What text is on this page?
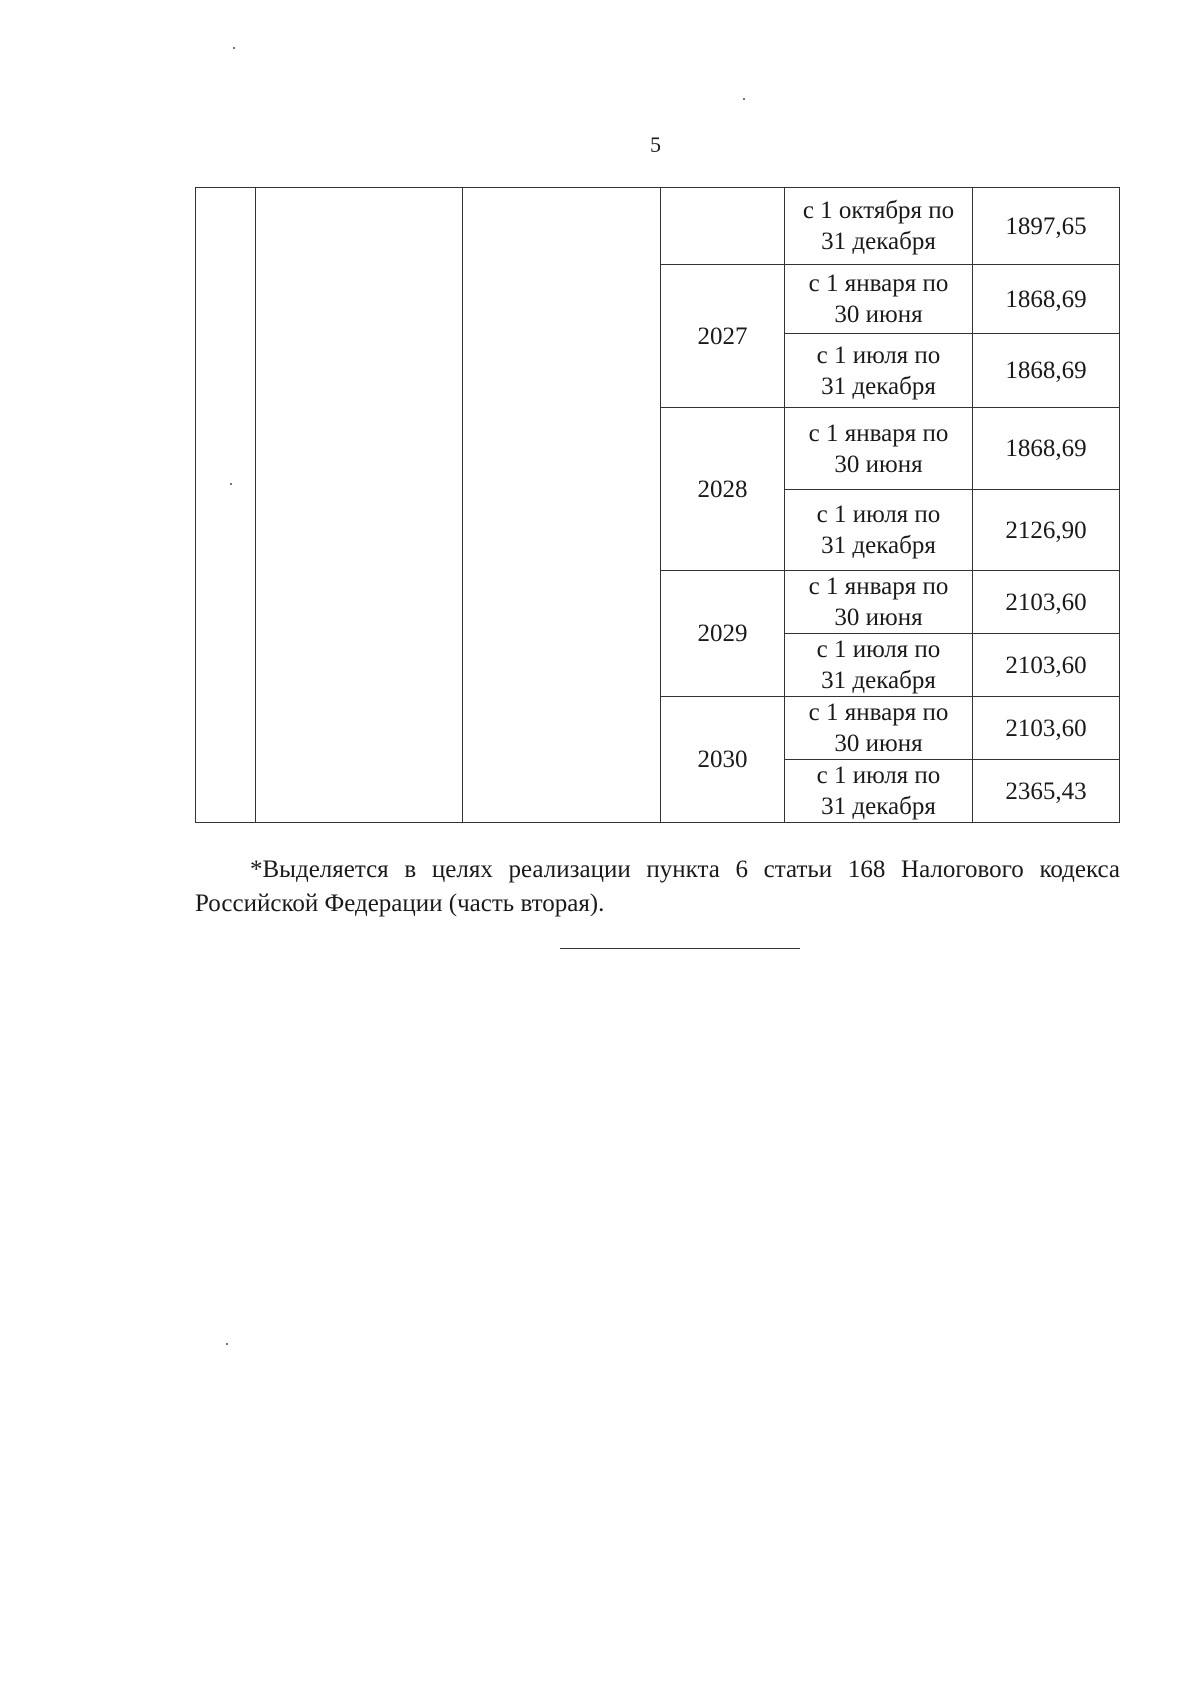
5
				с 1 октября по
31 декабря	1897,65
			2027	с 1 января по
30 июня	1868,69
				с 1 июля по
31 декабря	1868,69
			2028	с 1 января по
30 июня	1868,69
				с 1 июля по
31 декабря	2126,90
			2029	с 1 января по
30 июня	2103,60
				с 1 июля по
31 декабря	2103,60
			2030	с 1 января по
30 июня	2103,60
				с 1 июля по
31 декабря	2365,43
*Выделяется в целях реализации пункта 6 статьи 168 Налогового кодекса Российской Федерации (часть вторая).
